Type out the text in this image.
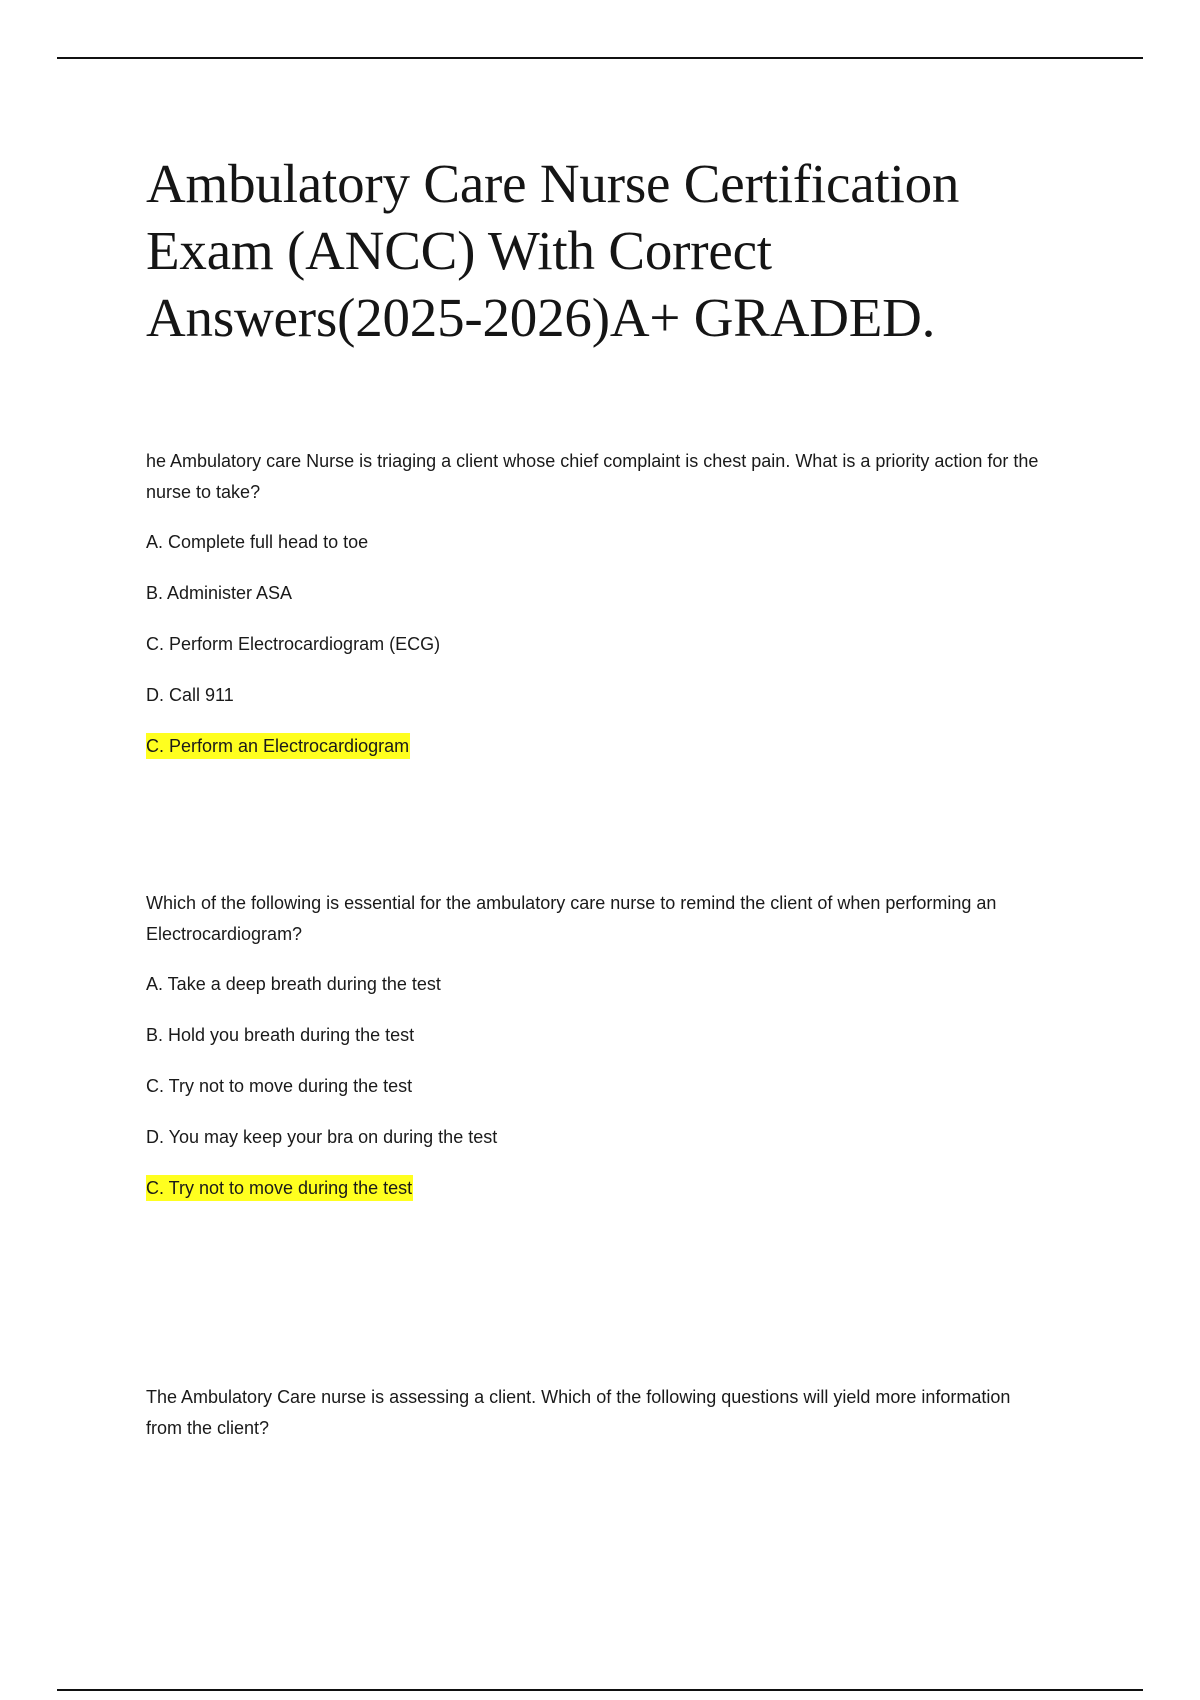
Ambulatory Care Nurse Certification
Exam (ANCC) With Correct
Answers(2025-2026)A+ GRADED.

he Ambulatory care Nurse is triaging a client whose chief complaint is chest pain. What is a priority action for the nurse to take?

A. Complete full head to toe

B. Administer ASA

C. Perform Electrocardiogram (ECG)

D. Call 911

C. Perform an Electrocardiogram

Which of the following is essential for the ambulatory care nurse to remind the client of when performing an Electrocardiogram?

A. Take a deep breath during the test

B. Hold you breath during the test

C. Try not to move during the test

D. You may keep your bra on during the test

C. Try not to move during the test

The Ambulatory Care nurse is assessing a client. Which of the following questions will yield more information from the client?
